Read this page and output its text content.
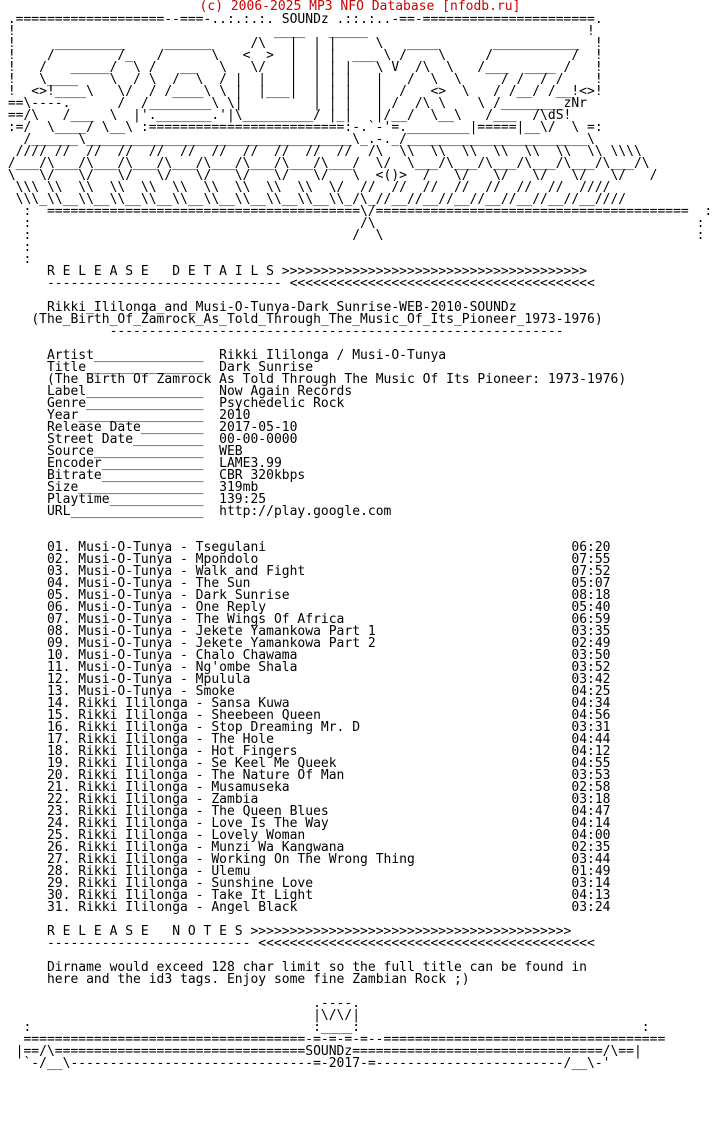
(c) 2006-2025 MP3 NFO Database [nfodb.ru]
.===================--===-..:.:.:. SOUNDz .::.:..-==-======================.
!                                 ____   _____                            !
!     _________     ______     /\   |  | |     \   ____       ___________  !
!    /        /_   /      \   <  >  |  | |  ___ \ /    \     /          /  !
!   /   _____/  \ /   __   \   \/   |  | | |   \ V  /\  \   /___  ____ /   !
!   \____    \  / \  /  \  / |  |   |  | | |   |   /  \  \     / /  / /    !
!  <>!____\   \/  / /____\ \ |  |___|  | | |   |  /   <>  \   / /__/ /__!<>!
==\----.      /  /________\ \|         | | |   | /  /\ \    \ /________zNr
==/\   /___  \  |'._______.'|\_________/ |_|   |/__/  \__\   /___  /\dS!
:=/  \____/ \__\ :=========================:-.`-'=.________|=====|__\/  \ =:
/______\__________________________________\_.-._/_______________________\
//// //  //  //  //  //  //  //  //  //  //  /\  \\  \\  \\  \\  \\  \\  \\ \\\\
/___/\___/\___/\___/\___/\___/\___/\___/\___/  \/  \___/\___/\___/\___/\___/\___/\
\   \/   \/   \/   \/   \/   \/   \/   \/   \  <()>  /   \/   \/   \/   \/   \/   /
\\\ \\  \\  \\  \\  \\  \\  \\  \\  \\  \/  //  //  //  //  //  //  //  ////
\\\_\\__\\__\\__\\__\\__\\__\\__\\__\\__\\_/\_//__//__//__//__//__//__//__////
:  ========================================\/========================================  :
:                                          /\                                         :
:                                         /  \                                        :
:
:
R E L E A S E   D E T A I L S >>>>>>>>>>>>>>>>>>>>>>>>>>>>>>>>>>>>>>>
------------------------------ <<<<<<<<<<<<<<<<<<<<<<<<<<<<<<<<<<<<<<<

Rikki_Ililonga_and_Musi-O-Tunya-Dark_Sunrise-WEB-2010-SOUNDz
(The_Birth_Of_Zamrock_As_Told_Through_The_Music_Of_Its_Pioneer_1973-1976)
----------------------------------------------------------

Artist______________  Rikki Ililonga / Musi-O-Tunya
Title_______________  Dark Sunrise
(The Birth Of Zamrock As Told Through The Music Of Its Pioneer: 1973-1976)
Label_______________  Now Again Records
Genre_______________  Psychedelic Rock
Year________________  2010
Release Date________  2017-05-10
Street Date_________  00-00-0000
Source______________  WEB
Encoder_____________  LAME3.99
Bitrate_____________  CBR 320kbps
Size________________  319mb
Playtime____________  139:25
URL_________________  http://play.google.com

01. Musi-O-Tunya - Tsegulani                                       06:20
02. Musi-O-Tunya - Mpondolo                                        07:55
03. Musi-O-Tunya - Walk and Fight                                  07:52
04. Musi-O-Tunya - The Sun                                         05:07
05. Musi-O-Tunya - Dark Sunrise                                    08:18
06. Musi-O-Tunya - One Reply                                       05:40
07. Musi-O-Tunya - The Wings Of Africa                             06:59
08. Musi-O-Tunya - Jekete Yamankowa Part 1                         03:35
09. Musi-O-Tunya - Jekete Yamankowa Part 2                         02:49
10. Musi-O-Tunya - Chalo Chawama                                   03:50
11. Musi-O-Tunya - Ng'ombe Shala                                   03:52
12. Musi-O-Tunya - Mpulula                                         03:42
13. Musi-O-Tunya - Smoke                                           04:25
14. Rikki Ililonga - Sansa Kuwa                                    04:34
15. Rikki Ililonga - Sheebeen Queen                                04:56
16. Rikki Ililonga - Stop Dreaming Mr. D                           03:31
17. Rikki Ililonga - The Hole                                      04:44
18. Rikki Ililonga - Hot Fingers                                   04:12
19. Rikki Ililonga - Se Keel Me Queek                              04:55
20. Rikki Ililonga - The Nature Of Man                             03:53
21. Rikki Ililonga - Musamuseka                                    02:58
22. Rikki Ililonga - Zambia                                        03:18
23. Rikki Ililonga - The Queen Blues                               04:47
24. Rikki Ililonga - Love Is The Way                               04:14
25. Rikki Ililonga - Lovely Woman                                  04:00
26. Rikki Ililonga - Munzi Wa Kangwana                             02:35
27. Rikki Ililonga - Working On The Wrong Thing                    03:44
28. Rikki Ililonga - Ulemu                                         01:49
29. Rikki Ililonga - Sunshine Love                                 03:14
30. Rikki Ililonga - Take It Light                                 04:13
31. Rikki Ililonga - Angel Black                                   03:24

R E L E A S E   N O T E S >>>>>>>>>>>>>>>>>>>>>>>>>>>>>>>>>>>>>>>>>
-------------------------- <<<<<<<<<<<<<<<<<<<<<<<<<<<<<<<<<<<<<<<<<<<

Dirname would exceed 128 char limit so the full title can be found in
here and the id3 tags. Enjoy some fine Zambian Rock ;)

.----.
|\/\/|
:                                    :____:                                    :
====================================-=-=-=-=--====================================
|==/\================================SOUNDz================================/\==|
`-/__\-------------------------------=-2017-=------------------------/__\-'
